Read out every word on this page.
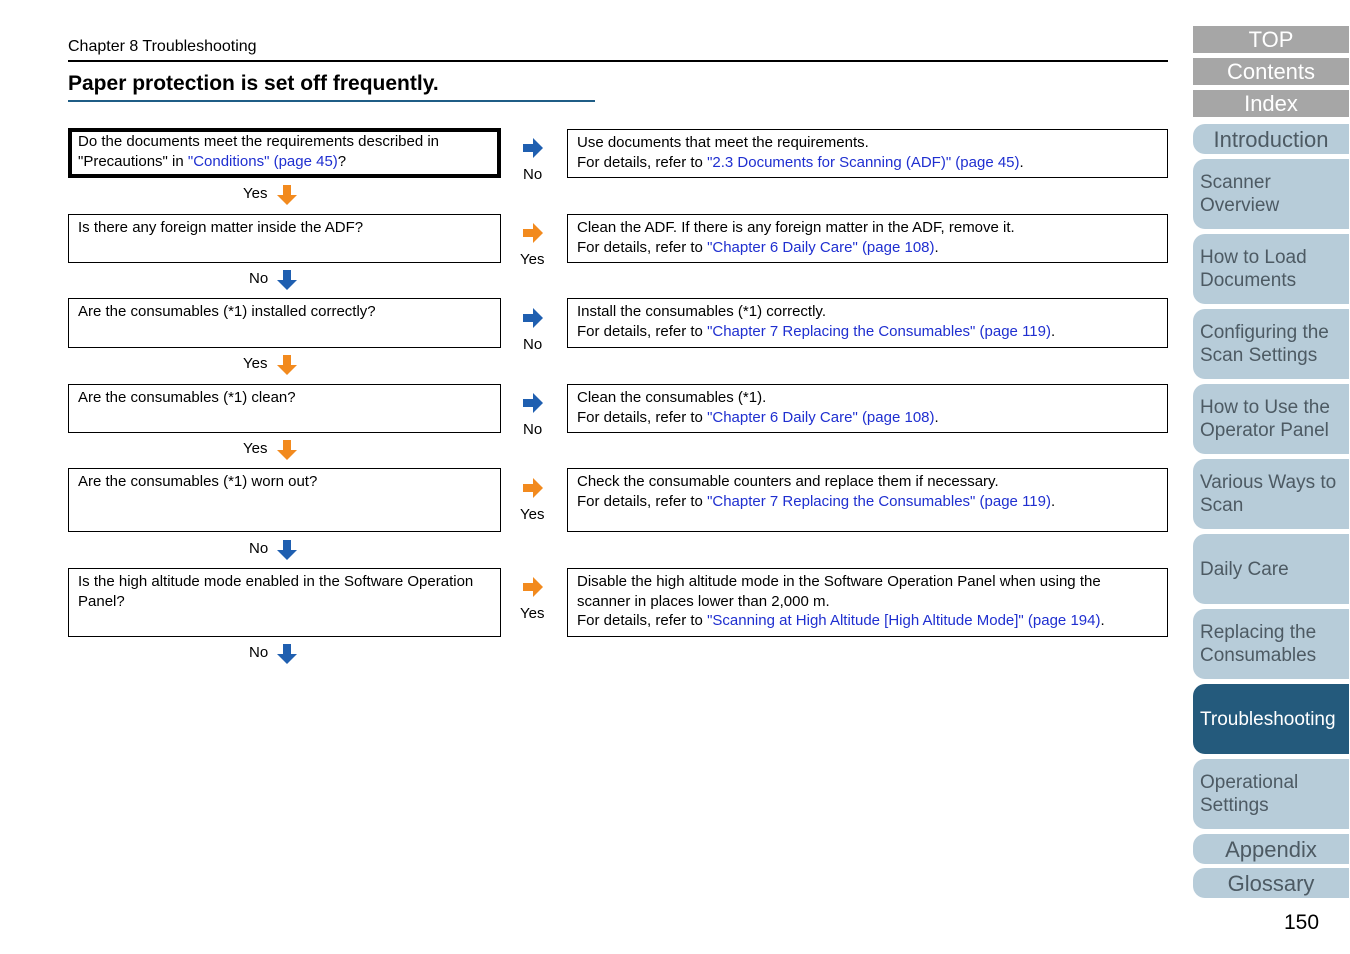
Chapter 8 Troubleshooting
Paper protection is set off frequently.
Do the documents meet the requirements described in "Precautions" in "Conditions" (page 45)?
No
Use documents that meet the requirements.
For details, refer to "2.3 Documents for Scanning (ADF)" (page 45).
Yes
Is there any foreign matter inside the ADF?
Yes
Clean the ADF. If there is any foreign matter in the ADF, remove it.
For details, refer to "Chapter 6 Daily Care" (page 108).
No
Are the consumables (*1) installed correctly?
No
Install the consumables (*1) correctly.
For details, refer to "Chapter 7 Replacing the Consumables" (page 119).
Yes
Are the consumables (*1) clean?
No
Clean the consumables (*1).
For details, refer to "Chapter 6 Daily Care" (page 108).
Yes
Are the consumables (*1) worn out?
Yes
Check the consumable counters and replace them if necessary.
For details, refer to "Chapter 7 Replacing the Consumables" (page 119).
No
Is the high altitude mode enabled in the Software Operation Panel?
Yes
Disable the high altitude mode in the Software Operation Panel when using the scanner in places lower than 2,000 m.
For details, refer to "Scanning at High Altitude [High Altitude Mode]" (page 194).
No
TOP
Contents
Index
Introduction
Scanner Overview
How to Load Documents
Configuring the Scan Settings
How to Use the Operator Panel
Various Ways to Scan
Daily Care
Replacing the Consumables
Troubleshooting
Operational Settings
Appendix
Glossary
150
